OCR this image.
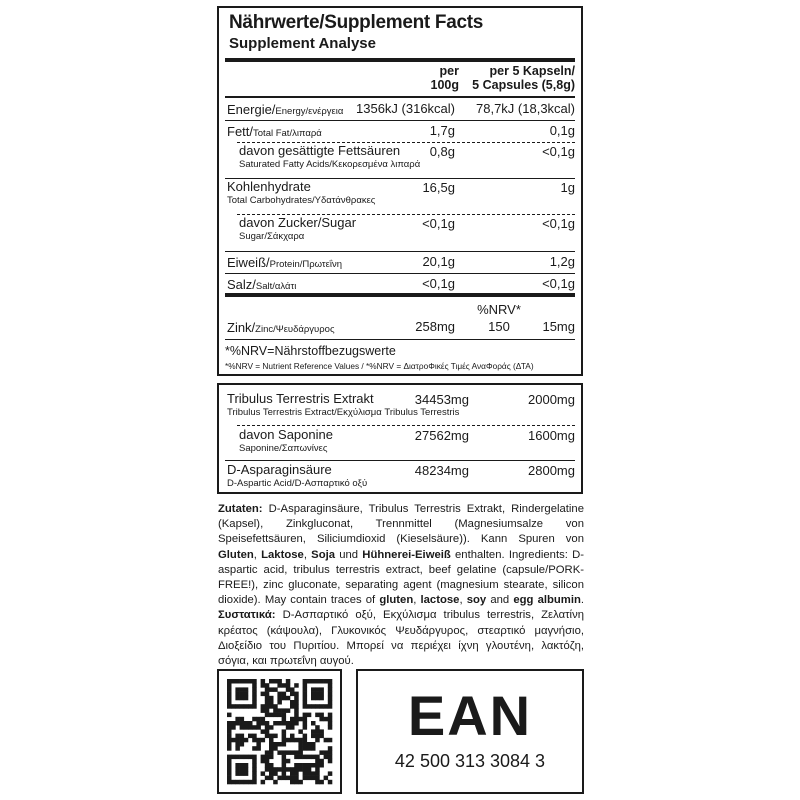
Nährwerte/Supplement Facts
Supplement Analyse
per
100g
per 5 Kapseln/
5 Capsules (5,8g)
Energie/Energy/ενέργεια 1356kJ (316kcal) 78,7kJ (18,3kcal)
Fett/Total Fat/λιπαρά	1,7g	0,1g
davon gesättigte Fettsäuren
Saturated Fatty Acids/Κεκορεσμένα λιπαρά
0,8g	<0,1g
Kohlenhydrate
Total Carbohydrates/Υδατάνθρακες
16,5g	1g
davon Zucker/Sugar
Sugar/Σάκχαρα
<0,1g	<0,1g
Eiweiß/Protein/Πρωτεΐνη	20,1g	1,2g
Salz/Salt/αλάτι	<0,1g	<0,1g
%NRV*
Zink/Zinc/Ψευδάργυρος	258mg	150	15mg
*%NRV=Nährstoffbezugswerte
*%NRV = Nutrient Reference Values / *%NRV = ΔιατροΦικές Τιμές ΑναΦοράς (ΔΤΑ)
Tribulus Terrestris Extrakt
Tribulus Terrestris Extract/Εκχύλισμα Tribulus Terrestris
34453mg	2000mg
davon Saponine
Saponine/Σαπωνίνες
27562mg	1600mg
D-Asparaginsäure
D-Aspartic Acid/D-Ασπαρτικό οξύ
48234mg	2800mg
Zutaten: D-Asparaginsäure, Tribulus Terrestris Extrakt, Rindergelatine (Kapsel), Zinkgluconat, Trennmittel (Magnesiumsalze von Speisefettsäuren, Siliciumdioxid (Kieselsäure)). Kann Spuren von Gluten, Laktose, Soja und Hühnerei-Eiweiß enthalten. Ingredients: D-aspartic acid, tribulus terrestris extract, beef gelatine (capsule/PORK-FREE!), zinc gluconate, separating agent (magnesium stearate, silicon dioxide). May contain traces of gluten, lactose, soy and egg albumin. Συστατικά: D-Ασπαρτικό οξύ, Εκχύλισμα tribulus terrestris, Ζελατίνη κρέατος (κάψουλα), Γλυκονικός Ψευδάργυρος, στεαρτικό μαγνήσιο, Διοξείδιο του Πυριτίου. Μπορεί να περιέχει ίχνη γλουτένη, λακτόζη, σόγια, και πρωτεΐνη αυγού.
EAN
42 500 313 3084 3
